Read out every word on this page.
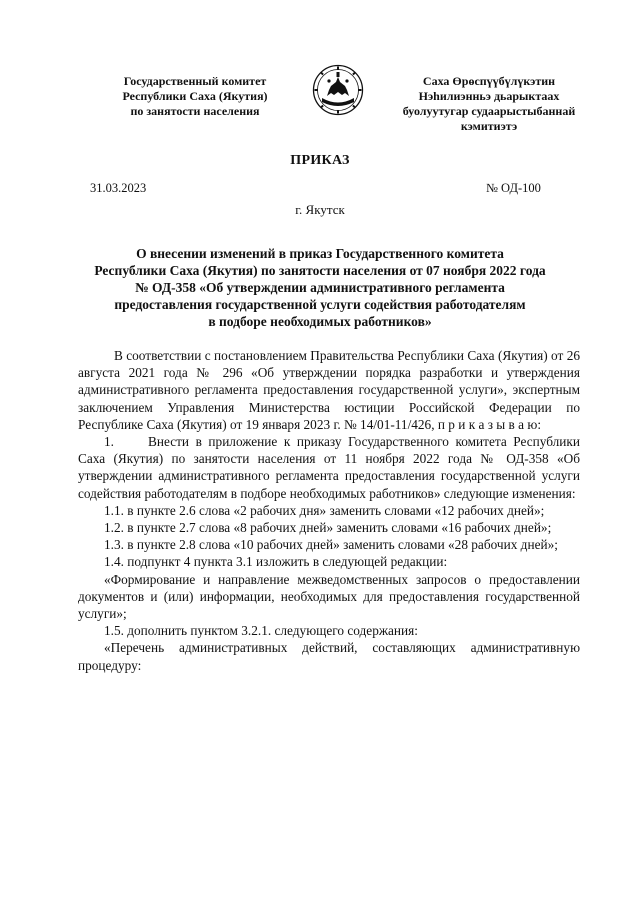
Государственный комитет
Республики Саха (Якутия)
по занятости населения
Саха Өрөспүүбүлүкэтин
Нэһилиэнньэ дьарыктаах
буолуутугар судаарыстыбаннай
кэмитиэтэ
ПРИКАЗ
31.03.2023	№ ОД-100
г. Якутск
О внесении изменений в приказ Государственного комитета
Республики Саха (Якутия) по занятости населения от 07 ноября 2022 года
№ ОД-358 «Об утверждении административного регламента
предоставления государственной услуги содействия работодателям
в подборе необходимых работников»

В соответствии с постановлением Правительства Республики Саха (Якутия) от 26 августа 2021 года № 296 «Об утверждении порядка разработки и утверждения административного регламента предоставления государственной услуги», экспертным заключением Управления Министерства юстиции Российской Федерации по Республике Саха (Якутия) от 19 января 2023 г. № 14/01-11/426, п р и к а з ы в а ю:

1.	Внести в приложение к приказу Государственного комитета Республики Саха (Якутия) по занятости населения от 11 ноября 2022 года № ОД-358 «Об утверждении административного регламента предоставления государственной услуги содействия работодателям в подборе необходимых работников» следующие изменения:

1.1. в пункте 2.6 слова «2 рабочих дня» заменить словами «12 рабочих дней»;

1.2. в пункте 2.7 слова «8 рабочих дней» заменить словами «16 рабочих дней»;

1.3. в пункте 2.8 слова «10 рабочих дней» заменить словами «28 рабочих дней»;

1.4. подпункт 4 пункта 3.1 изложить в следующей редакции:

«Формирование и направление межведомственных запросов о предоставлении документов и (или) информации, необходимых для предоставления государственной услуги»;

1.5. дополнить пунктом 3.2.1. следующего содержания:

«Перечень административных действий, составляющих административную процедуру:
